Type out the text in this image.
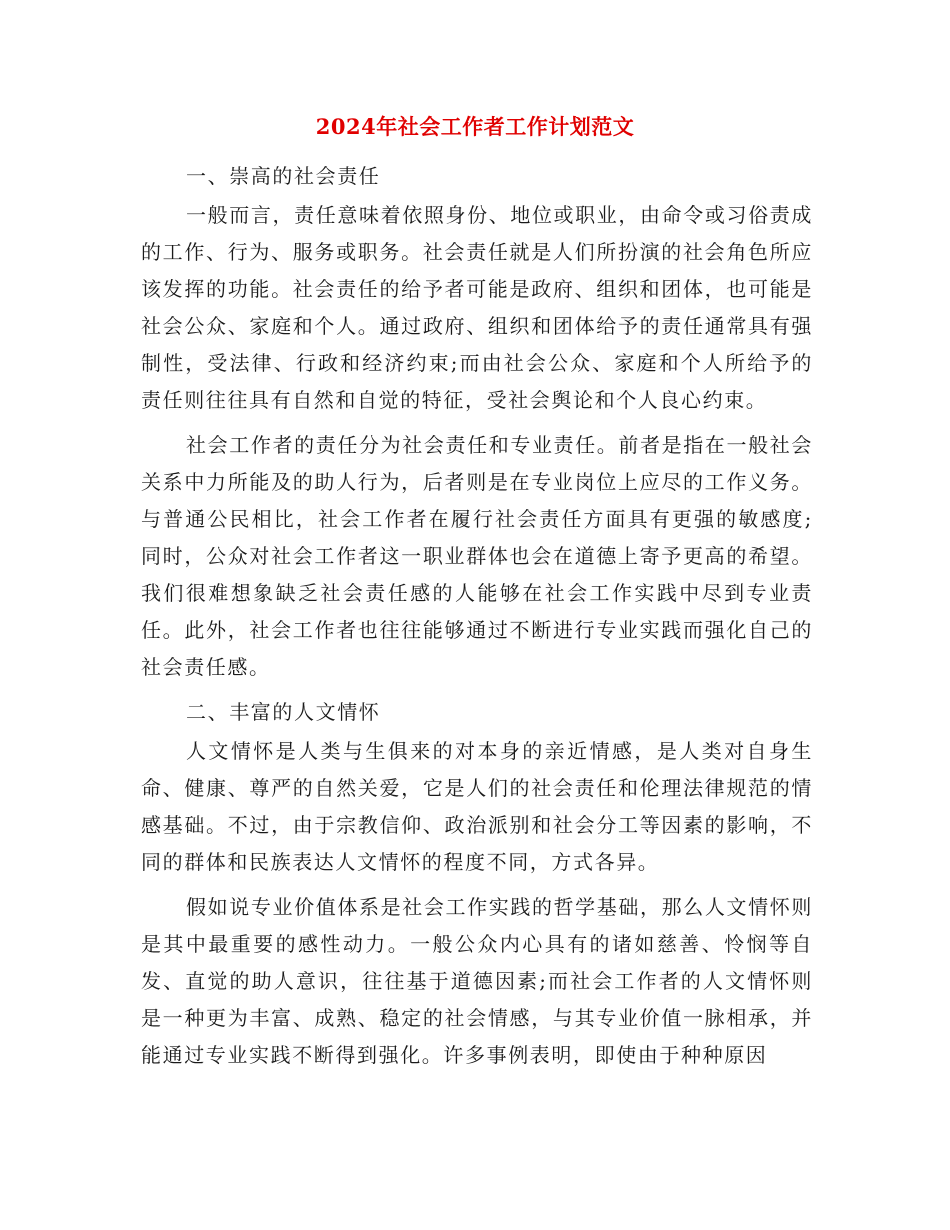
2024年社会工作者工作计划范文

一、崇高的社会责任

一般而言，责任意味着依照身份、地位或职业，由命令或习俗责成的工作、行为、服务或职务。社会责任就是人们所扮演的社会角色所应该发挥的功能。社会责任的给予者可能是政府、组织和团体，也可能是社会公众、家庭和个人。通过政府、组织和团体给予的责任通常具有强制性，受法律、行政和经济约束;而由社会公众、家庭和个人所给予的责任则往往具有自然和自觉的特征，受社会舆论和个人良心约束。

社会工作者的责任分为社会责任和专业责任。前者是指在一般社会关系中力所能及的助人行为，后者则是在专业岗位上应尽的工作义务。与普通公民相比，社会工作者在履行社会责任方面具有更强的敏感度;同时，公众对社会工作者这一职业群体也会在道德上寄予更高的希望。我们很难想象缺乏社会责任感的人能够在社会工作实践中尽到专业责任。此外，社会工作者也往往能够通过不断进行专业实践而强化自己的社会责任感。

二、丰富的人文情怀

人文情怀是人类与生俱来的对本身的亲近情感，是人类对自身生命、健康、尊严的自然关爱，它是人们的社会责任和伦理法律规范的情感基础。不过，由于宗教信仰、政治派别和社会分工等因素的影响，不同的群体和民族表达人文情怀的程度不同，方式各异。

假如说专业价值体系是社会工作实践的哲学基础，那么人文情怀则是其中最重要的感性动力。一般公众内心具有的诸如慈善、怜悯等自发、直觉的助人意识，往往基于道德因素;而社会工作者的人文情怀则是一种更为丰富、成熟、稳定的社会情感，与其专业价值一脉相承，并能通过专业实践不断得到强化。许多事例表明，即使由于种种原因
